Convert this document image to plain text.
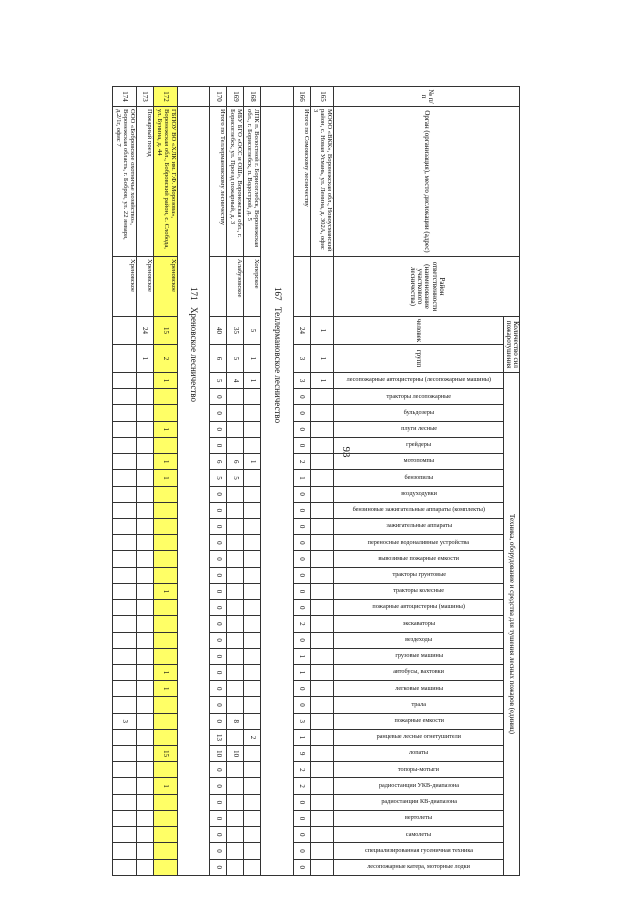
93
№ п/п	Орган (организация), место дислокации (адрес)	Район ответственности (наименование участкового лесничества)	Количество сил пожаротушения		Техника, оборудование и средства для тушения лесных пожаров (единиц)																														
			человек	групп	лесопожарные автоцистерны (лесопожарные машины)	тракторы лесопожарные	бульдозеры	плуги лесные	грейдеры	мотопомпы	бензопилы	воздуходувки	бензиновые зажигательные аппараты (комплекты)	зажигательные аппараты	переносные водоналивные устройства	вывозимые пожарные емкости	тракторы грунтовые	тракторы колесные	пожарные автоцистерны (машины)	экскаваторы	вездеходы	грузовые машины	автобусы, вахтовки	легковые машины	трала	пожарные емкости	ранцевые лесные огнетушители	лопаты	топоры-мотыги	радиостанции УКВ-диапазона	радиостанции КВ-диапазона	вертолеты	самолеты	специализированная гусеничная техника	лесопожарные катера, моторные лодки

165	МООО «ВКК», Воронежская обл., Новоусманский район, с. Новая Усмань, ул. Ленина, д. 302А, офис 3		1	1	1																														
166	Итого по Сомовскому лесничеству		24	3	3	0	0	0	0	2	1	0	0	0	0	0	0	0	0	2	0	1	1	0	0	3	1	9	2	2	0	0	0	0	0
167	Теллермановское лесничество																																		
168	ЛПК п. Волостной г. Борисоглебск, Воронежская обл., г. Борисоглебск, п. Водострой, д. 5	Хоперское	5	1	1					1																	2								
169	МБУ БГО «ОСС и ОШ», Воронежская обл., г. Борисоглебск, ул. Проезд пожарный, д. 3	Алабузовское	35	5	4					6	5															8		10							
170	Итого по Теллермановскому лесничеству		40	6	5	0	0	0	0	6	5	0	0	0	0	0	0	0	0	0	0	0	0	0	0	0	13	10	0	0	0	0	0	0	0
171	Хреновское лесничество																																		
172	ГБПОУ ВО «ХЛК им. Г.Ф. Морозова», Воронежская обл., Бобровский район, с. Слобода, ул. Бунина, д. 44	Хреновское	15	2	1			1		1	1							1					1	1				15		1					
173	Пожарный поезд	Хреновское	24	1																															
174	ООО «Бобровское охотничье хозяйство», Воронежская область, г. Бобров, ул. 22 января, д.2/1г, офис 7	Хреновское																								3									
